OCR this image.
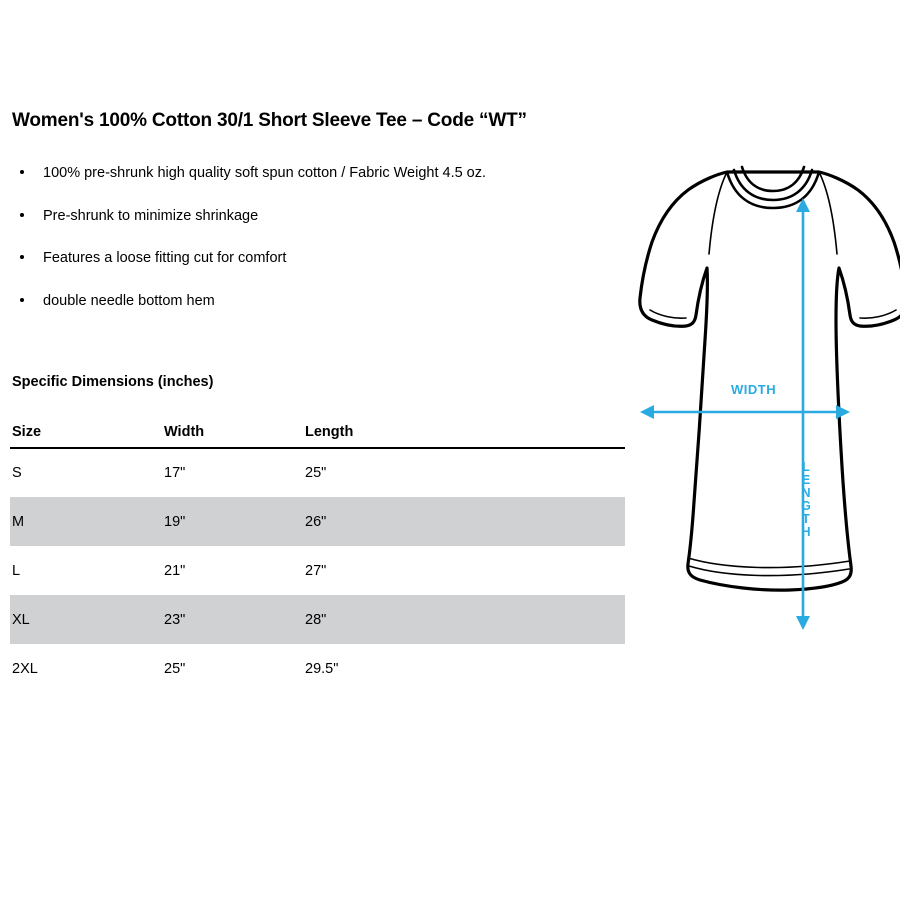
Women's 100% Cotton 30/1 Short Sleeve Tee – Code “WT”
100% pre-shrunk high quality soft spun cotton / Fabric Weight 4.5 oz.
Pre-shrunk to minimize shrinkage
Features a loose fitting cut for comfort
double needle bottom hem
Specific Dimensions (inches)
Size	Width	Length
S	17"	25"
M	19"	26"
L	21"	27"
XL	23"	28"
2XL	25"	29.5"
WIDTH
LENGTH
